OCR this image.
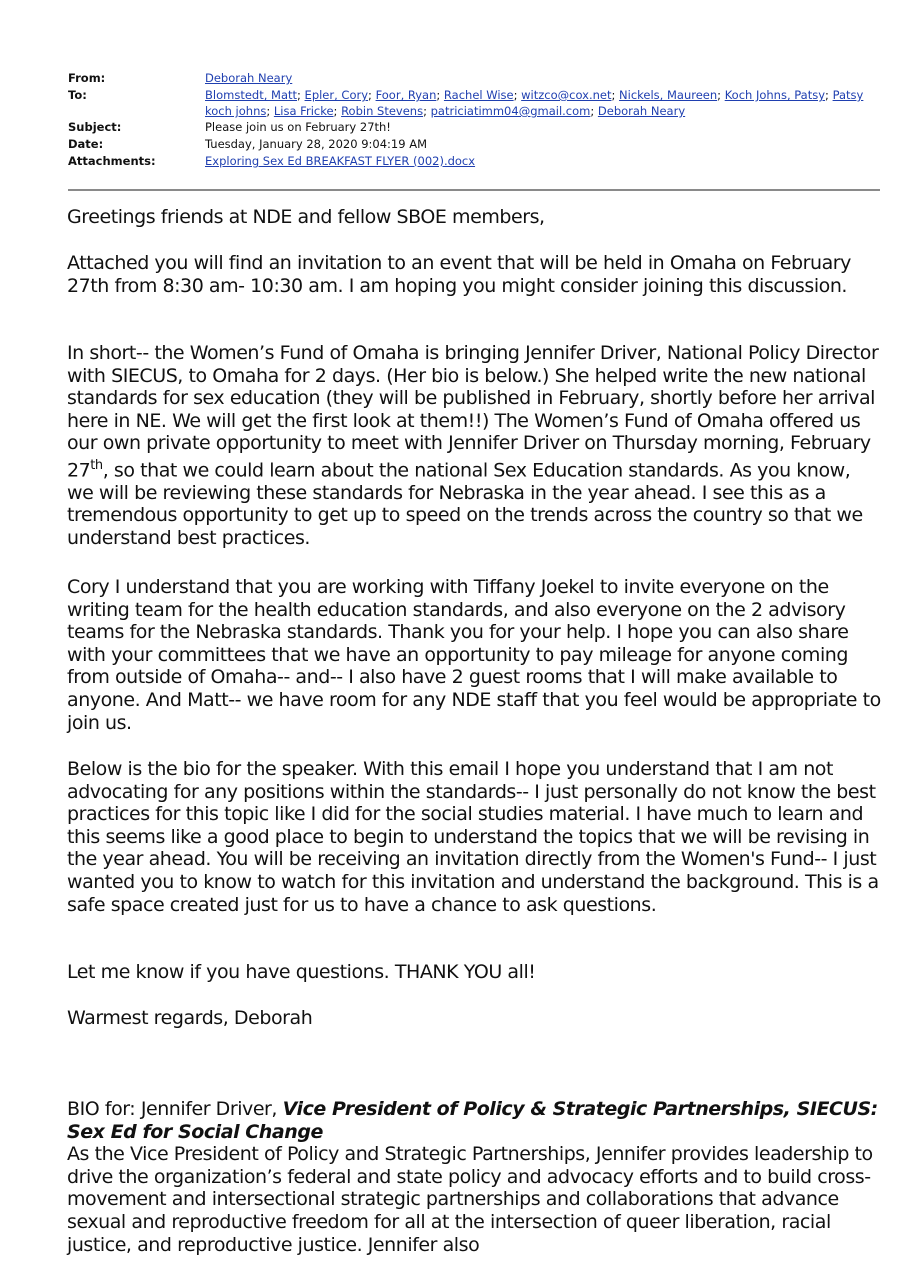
From:	Deborah Neary
To:	Blomstedt, Matt; Epler, Cory; Foor, Ryan; Rachel Wise; witzco@cox.net; Nickels, Maureen; Koch Johns, Patsy; Patsy koch johns; Lisa Fricke; Robin Stevens; patriciatimm04@gmail.com; Deborah Neary
Subject:	Please join us on February 27th!
Date:	Tuesday, January 28, 2020 9:04:19 AM
Attachments:	Exploring Sex Ed BREAKFAST FLYER (002).docx

Greetings friends at NDE and fellow SBOE members,

Attached you will find an invitation to an event that will be held in Omaha on February 27th from 8:30 am- 10:30 am. I am hoping you might consider joining this discussion.

In short-- the Women’s Fund of Omaha is bringing Jennifer Driver, National Policy Director with SIECUS, to Omaha for 2 days. (Her bio is below.) She helped write the new national standards for sex education (they will be published in February, shortly before her arrival here in NE. We will get the first look at them!!) The Women’s Fund of Omaha offered us our own private opportunity to meet with Jennifer Driver on Thursday morning, February 27th, so that we could learn about the national Sex Education standards. As you know, we will be reviewing these standards for Nebraska in the year ahead. I see this as a tremendous opportunity to get up to speed on the trends across the country so that we understand best practices.

Cory I understand that you are working with Tiffany Joekel to invite everyone on the writing team for the health education standards, and also everyone on the 2 advisory teams for the Nebraska standards. Thank you for your help. I hope you can also share with your committees that we have an opportunity to pay mileage for anyone coming from outside of Omaha-- and-- I also have 2 guest rooms that I will make available to anyone. And Matt-- we have room for any NDE staff that you feel would be appropriate to join us.

Below is the bio for the speaker. With this email I hope you understand that I am not advocating for any positions within the standards-- I just personally do not know the best practices for this topic like I did for the social studies material. I have much to learn and this seems like a good place to begin to understand the topics that we will be revising in the year ahead. You will be receiving an invitation directly from the Women's Fund-- I just wanted you to know to watch for this invitation and understand the background. This is a safe space created just for us to have a chance to ask questions.

Let me know if you have questions. THANK YOU all!

Warmest regards, Deborah

BIO for: Jennifer Driver, Vice President of Policy & Strategic Partnerships, SIECUS: Sex Ed for Social Change

As the Vice President of Policy and Strategic Partnerships, Jennifer provides leadership to drive the organization’s federal and state policy and advocacy efforts and to build cross-movement and intersectional strategic partnerships and collaborations that advance sexual and reproductive freedom for all at the intersection of queer liberation, racial justice, and reproductive justice. Jennifer also
